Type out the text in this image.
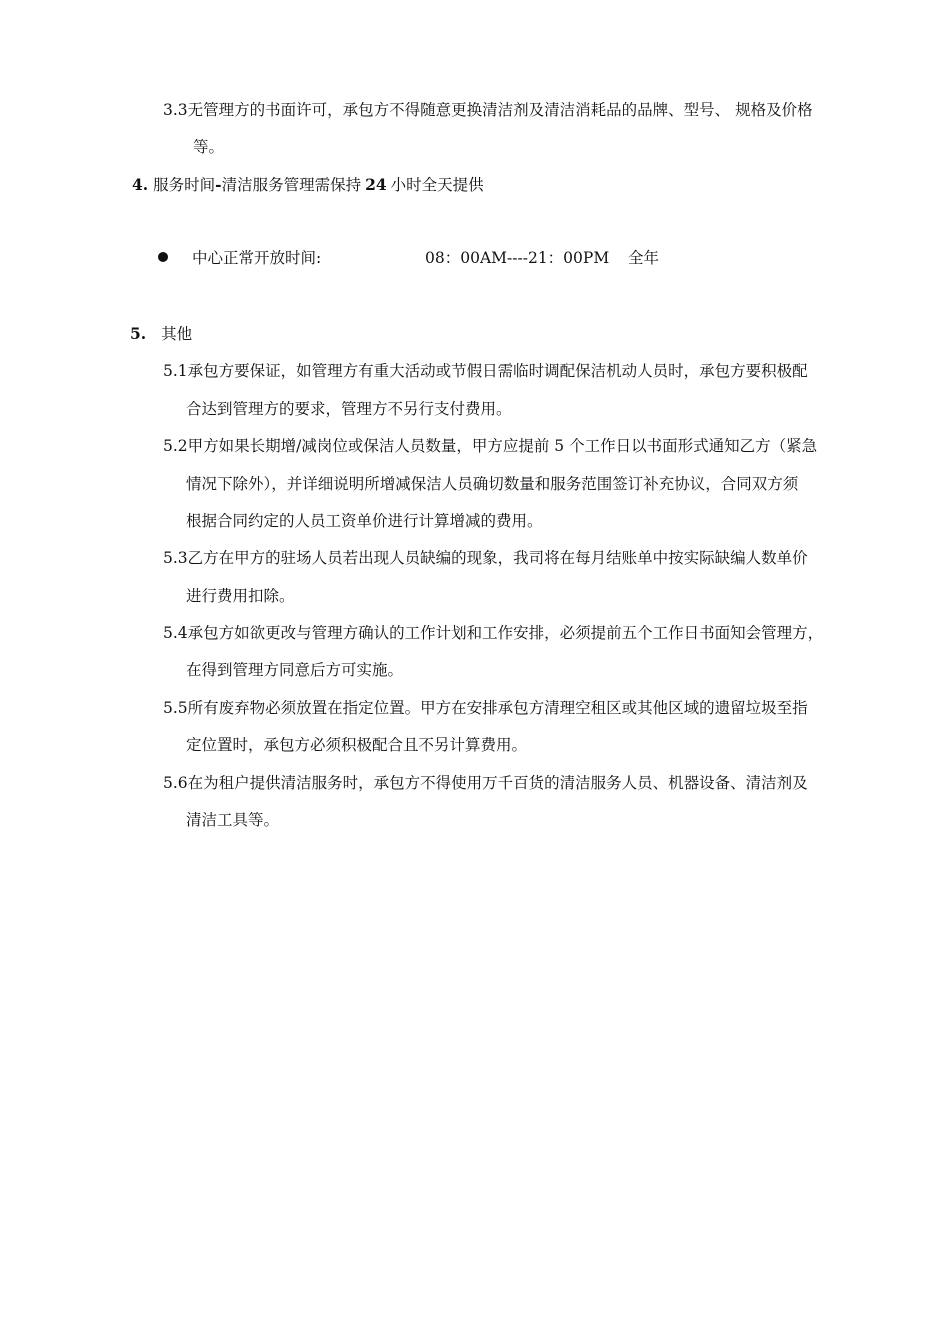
3.3无管理方的书面许可，承包方不得随意更换清洁剂及清洁消耗品的品牌、型号、 规格及价格
等。
4. 服务时间-清洁服务管理需保持 24 小时全天提供
中心正常开放时间:	08：00AM----21：00PM 全年
5. 其他
5.1承包方要保证，如管理方有重大活动或节假日需临时调配保洁机动人员时，承包方要积极配
合达到管理方的要求，管理方不另行支付费用。
5.2甲方如果长期增/减岗位或保洁人员数量，甲方应提前 5 个工作日以书面形式通知乙方（紧急
情况下除外），并详细说明所增减保洁人员确切数量和服务范围签订补充协议，合同双方须
根据合同约定的人员工资单价进行计算增减的费用。
5.3乙方在甲方的驻场人员若出现人员缺编的现象，我司将在每月结账单中按实际缺编人数单价
进行费用扣除。
5.4承包方如欲更改与管理方确认的工作计划和工作安排，必须提前五个工作日书面知会管理方，
在得到管理方同意后方可实施。
5.5所有废弃物必须放置在指定位置。甲方在安排承包方清理空租区或其他区域的遗留垃圾至指
定位置时，承包方必须积极配合且不另计算费用。
5.6在为租户提供清洁服务时，承包方不得使用万千百货的清洁服务人员、机器设备、清洁剂及
清洁工具等。
